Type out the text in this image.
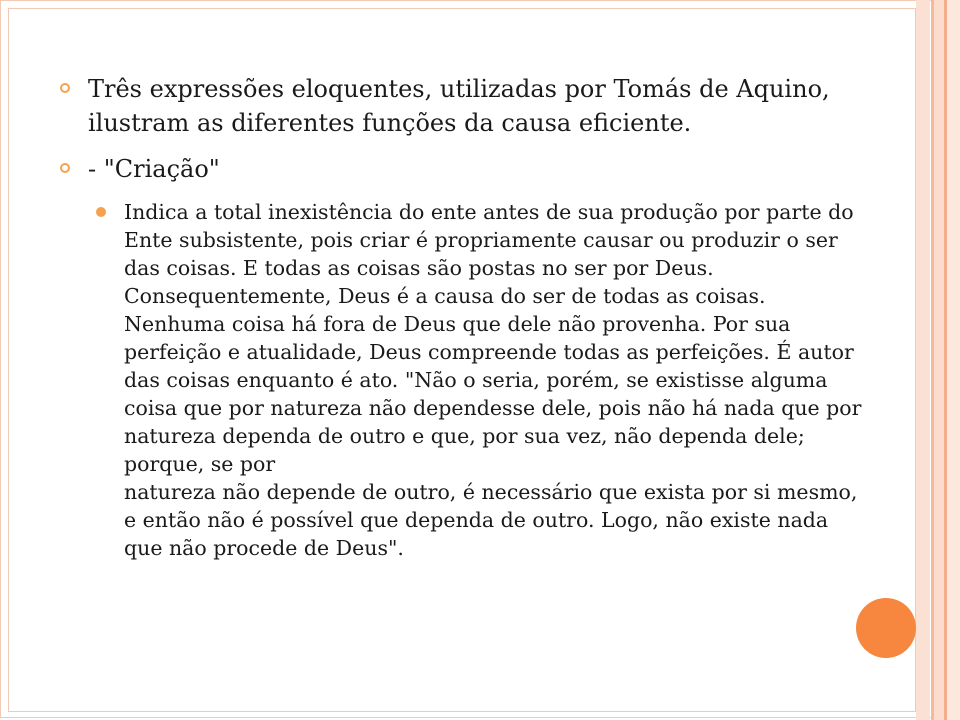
Três expressões eloquentes, utilizadas por Tomás de Aquino, ilustram as diferentes funções da causa eficiente.
- "Criação"
Indica a total inexistência do ente antes de sua produção por parte do Ente subsistente, pois criar é propriamente causar ou produzir o ser das coisas. E todas as coisas são postas no ser por Deus. Consequentemente, Deus é a causa do ser de todas as coisas. Nenhuma coisa há fora de Deus que dele não provenha. Por sua perfeição e atualidade, Deus compreende todas as perfeições. É autor das coisas enquanto é ato. "Não o seria, porém, se existisse alguma coisa que por natureza não dependesse dele, pois não há nada que por natureza dependa de outro e que, por sua vez, não dependa dele; porque, se por
natureza não depende de outro, é necessário que exista por si mesmo, e então não é possível que dependa de outro. Logo, não existe nada que não procede de Deus".
